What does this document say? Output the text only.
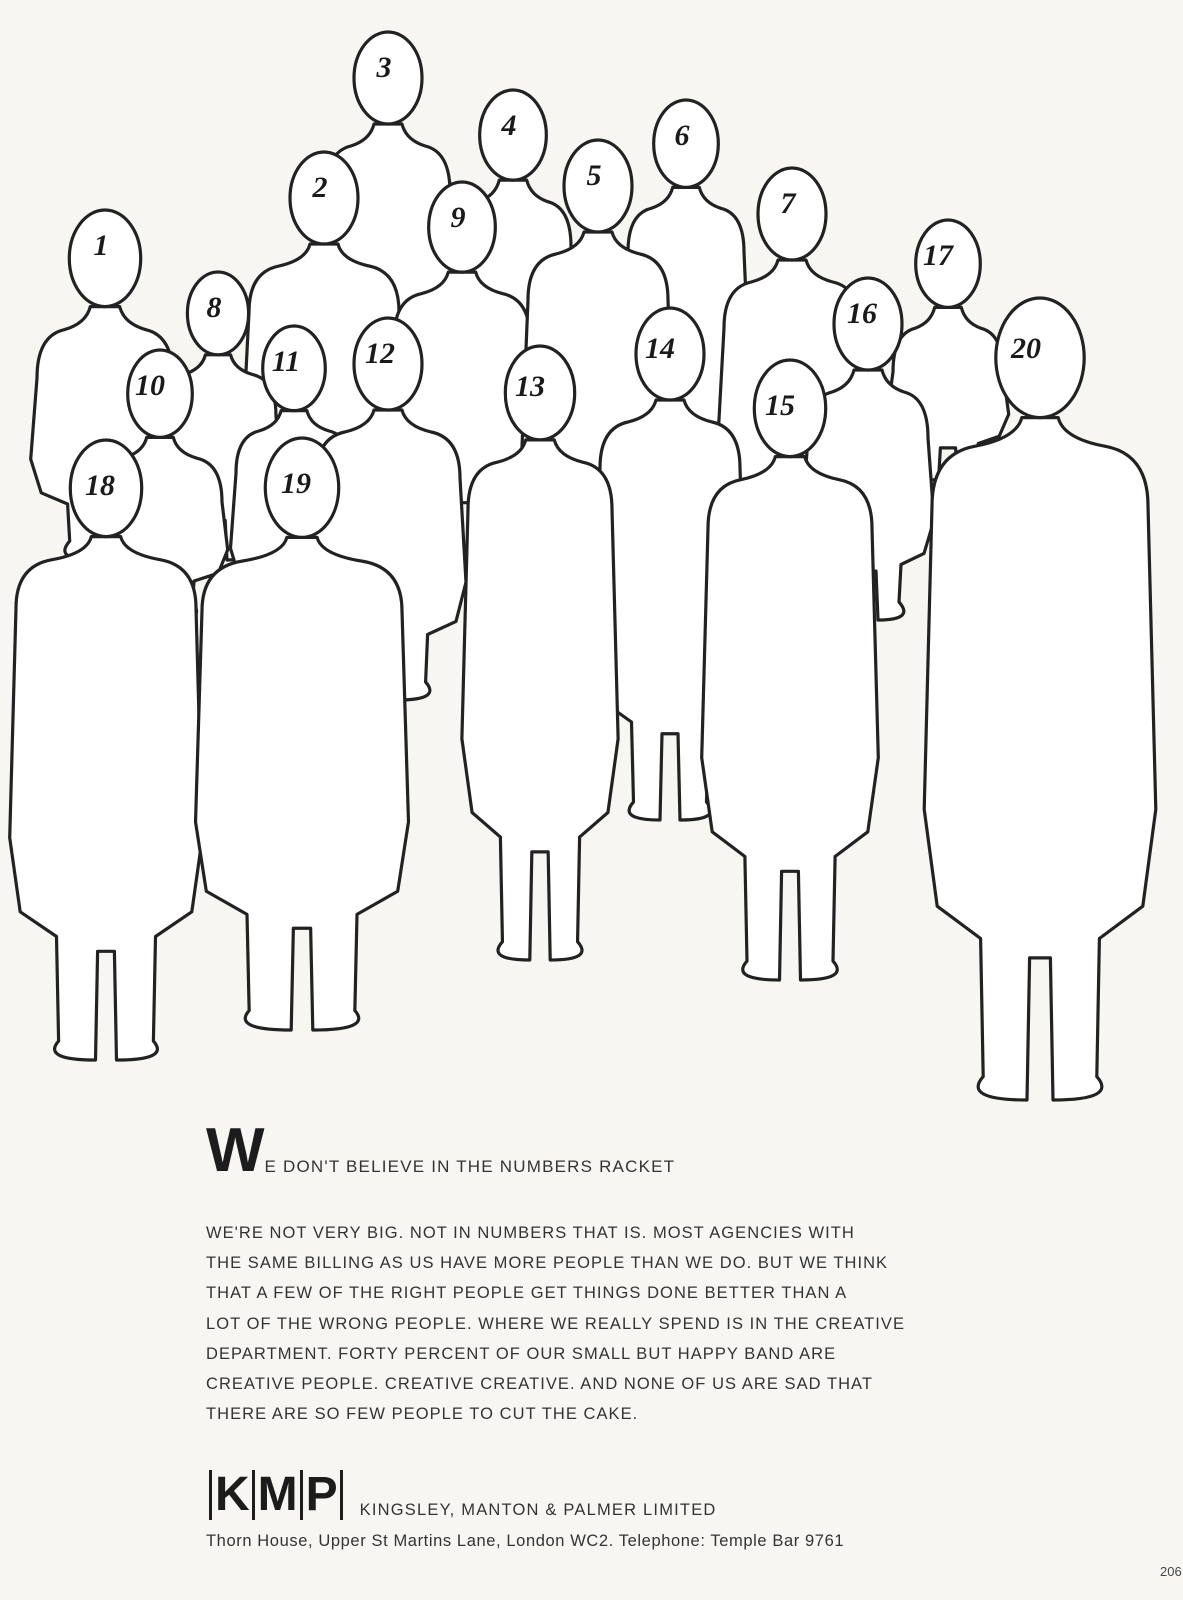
3
4	6
2
9
5
7
17
1
16
8
11 12	14
10
20
13
15
18	19
W E DON'T BELIEVE IN THE NUMBERS RACKET
WE'RE NOT VERY BIG. NOT IN NUMBERS THAT IS. MOST AGENCIES WITH
THE SAME BILLING AS US HAVE MORE PEOPLE THAN WE DO. BUT WE THINK
THAT A FEW OF THE RIGHT PEOPLE GET THINGS DONE BETTER THAN A
LOT OF THE WRONG PEOPLE. WHERE WE REALLY SPEND IS IN THE CREATIVE
DEPARTMENT. FORTY PERCENT OF OUR SMALL BUT HAPPY BAND ARE
CREATIVE PEOPLE. CREATIVE CREATIVE. AND NONE OF US ARE SAD THAT
THERE ARE SO FEW PEOPLE TO CUT THE CAKE.
K M P KINGSLEY, MANTON & PALMER LIMITED
Thorn House, Upper St Martins Lane, London WC2. Telephone: Temple Bar 9761
206
